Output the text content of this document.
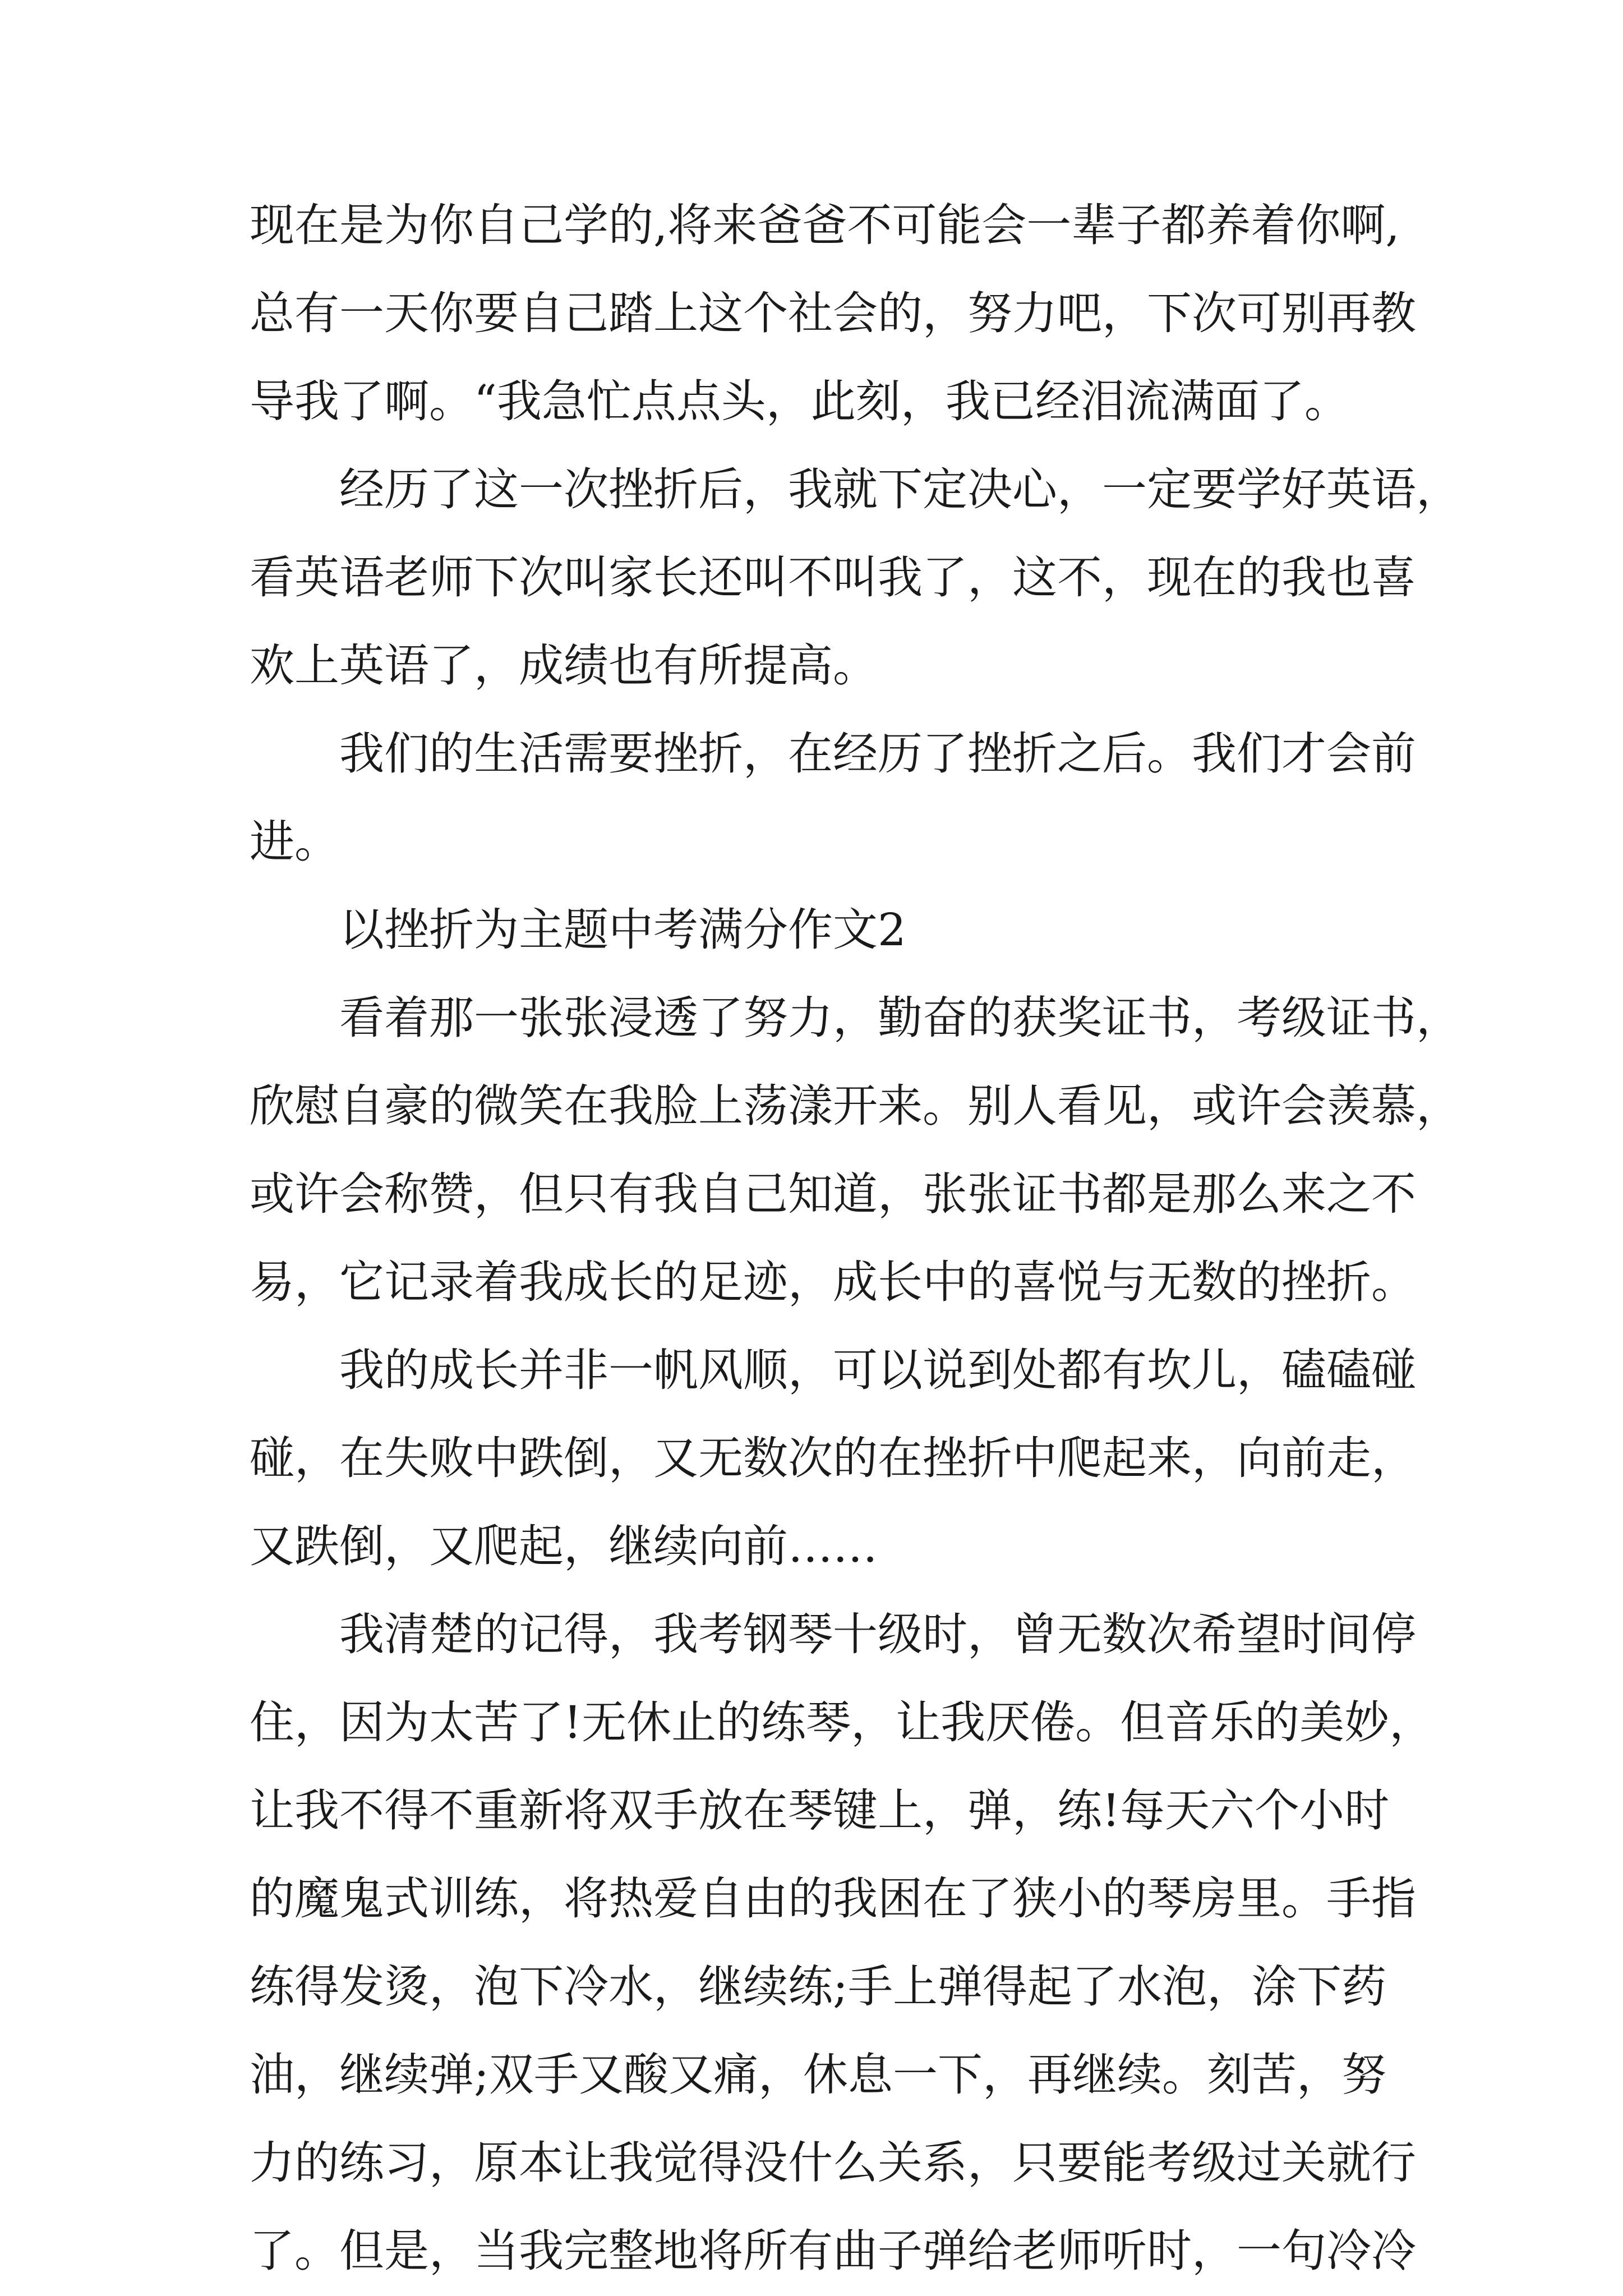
现在是为你自己学的,将来爸爸不可能会一辈子都养着你啊,
总有一天你要自己踏上这个社会的，努力吧，下次可别再教
导我了啊。“我急忙点点头，此刻，我已经泪流满面了。
经历了这一次挫折后，我就下定决心，一定要学好英语，
看英语老师下次叫家长还叫不叫我了，这不，现在的我也喜
欢上英语了，成绩也有所提高。
我们的生活需要挫折，在经历了挫折之后。我们才会前
进。
以挫折为主题中考满分作文2
看着那一张张浸透了努力，勤奋的获奖证书，考级证书，
欣慰自豪的微笑在我脸上荡漾开来。别人看见，或许会羡慕，
或许会称赞，但只有我自己知道，张张证书都是那么来之不
易，它记录着我成长的足迹，成长中的喜悦与无数的挫折。
我的成长并非一帆风顺，可以说到处都有坎儿，磕磕碰
碰，在失败中跌倒，又无数次的在挫折中爬起来，向前走，
又跌倒，又爬起，继续向前……
我清楚的记得，我考钢琴十级时，曾无数次希望时间停
住，因为太苦了!无休止的练琴，让我厌倦。但音乐的美妙，
让我不得不重新将双手放在琴键上，弹，练!每天六个小时
的魔鬼式训练，将热爱自由的我困在了狭小的琴房里。手指
练得发烫，泡下冷水，继续练;手上弹得起了水泡，涂下药
油，继续弹;双手又酸又痛，休息一下，再继续。刻苦，努
力的练习，原本让我觉得没什么关系，只要能考级过关就行
了。但是，当我完整地将所有曲子弹给老师听时，一句冷冷
